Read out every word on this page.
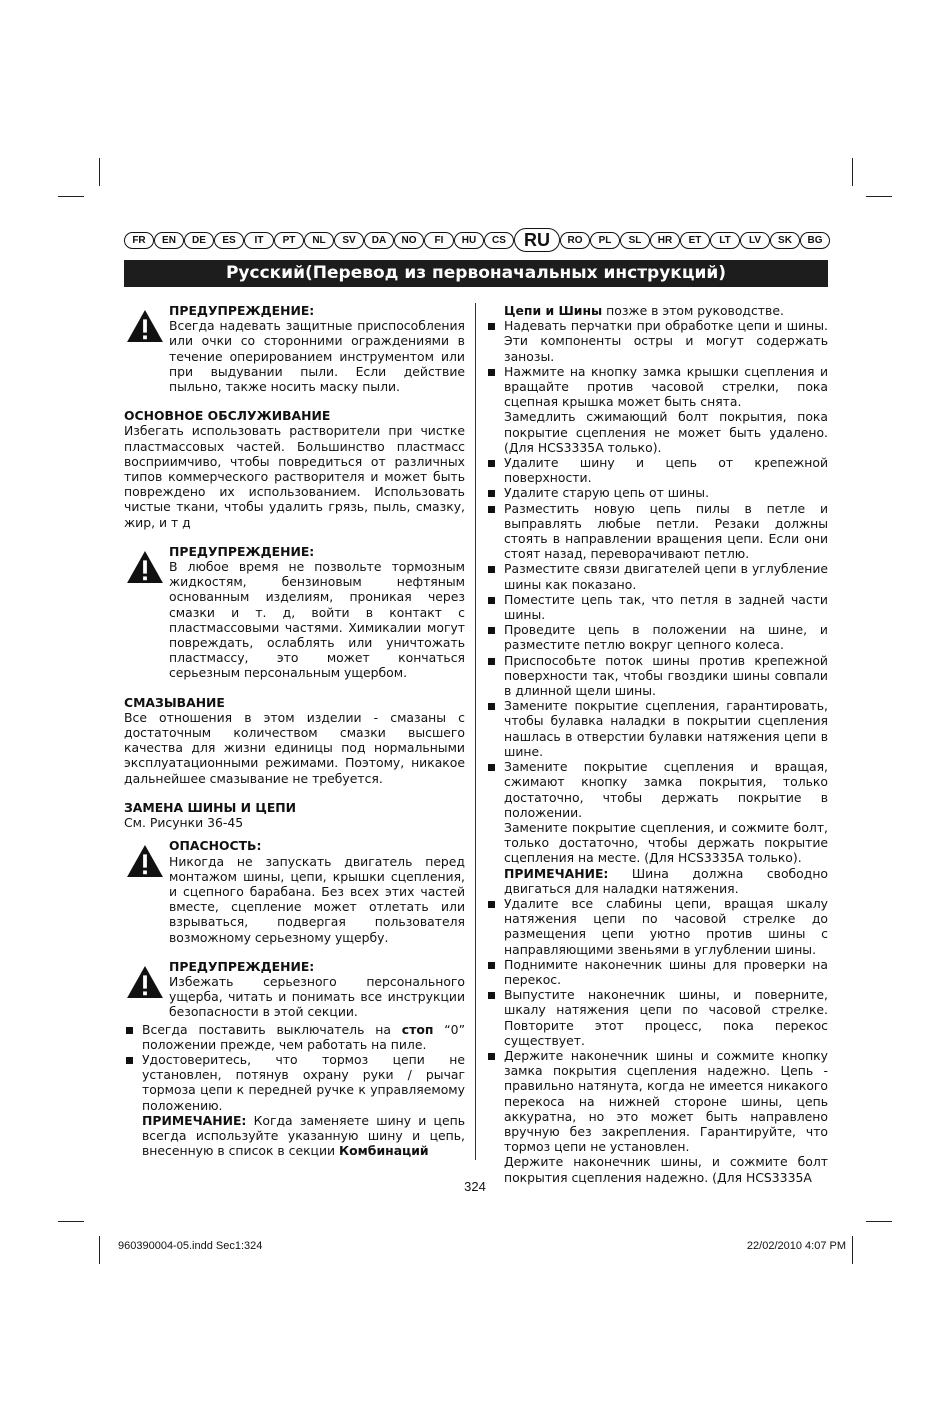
FR	EN	DE	ES	IT	PT	NL	SV	DA	NO	FI	HU	CS	RU	RO	PL	SL	HR	ET	LT	LV	SK	BG
Русский(Перевод из первоначальных инструкций)
ПРЕДУПРЕЖДЕНИЕ:

Всегда надевать защитные приспособления или очки со сторонними ограждениями в течение оперированием инструментом или при выдувании пыли. Если действие пыльно, также носить маску пыли.

ОСНОВНОЕ ОБСЛУЖИВАНИЕ

Избегать использовать растворители при чистке пластмассовых частей. Большинство пластмасс восприимчиво, чтобы повредиться от различных типов коммерческого растворителя и может быть повреждено их использованием. Использовать чистые ткани, чтобы удалить грязь, пыль, смазку, жир, и т д

ПРЕДУПРЕЖДЕНИЕ:

В любое время не позвольте тормозным жидкостям, бензиновым нефтяным основанным изделиям, проникая через смазки и т. д, войти в контакт с пластмассовыми частями. Химикалии могут повреждать, ослаблять или уничтожать пластмассу, это может кончаться серьезным персональным ущербом.

СМАЗЫВАНИЕ

Все отношения в этом изделии - смазаны с достаточным количеством смазки высшего качества для жизни единицы под нормальными эксплуатационными режимами. Поэтому, никакое дальнейшее смазывание не требуется.

ЗАМЕНА ШИНЫ И ЦЕПИ
См. Рисунки 36-45
ОПАСНОСТЬ:

Никогда не запускать двигатель перед монтажом шины, цепи, крышки сцепления, и сцепного барабана. Без всех этих частей вместе, сцепление может отлетать или взрываться, подвергая пользователя возможному серьезному ущербу.

ПРЕДУПРЕЖДЕНИЕ:

Избежать серьезного персонального ущерба, читать и понимать все инструкции безопасности в этой секции.

Всегда поставить выключатель на стоп “0” положении прежде, чем работать на пиле.
Удостоверитесь, что тормоз цепи не установлен, потянув охрану руки / рычаг тормоза цепи к передней ручке к управляемому положению.
ПРИМЕЧАНИЕ: Когда заменяете шину и цепь всегда используйте указанную шину и цепь, внесенную в список в секции Комбинаций
Цепи и Шины позже в этом руководстве.
Надевать перчатки при обработке цепи и шины. Эти компоненты остры и могут содержать занозы.
Нажмите на кнопку замка крышки сцепления и вращайте против часовой стрелки, пока сцепная крышка может быть снята.
Замедлить сжимающий болт покрытия, пока покрытие сцепления не может быть удалено. (Для HCS3335A только).
Удалите шину и цепь от крепежной поверхности.
Удалите старую цепь от шины.
Разместить новую цепь пилы в петле и выправлять любые петли. Резаки должны стоять в направлении вращения цепи. Если они стоят назад, переворачивают петлю.
Разместите связи двигателей цепи в углубление шины как показано.
Поместите цепь так, что петля в задней части шины.
Проведите цепь в положении на шине, и разместите петлю вокруг цепного колеса.
Приспособьте поток шины против крепежной поверхности так, чтобы гвоздики шины совпали в длинной щели шины.
Замените покрытие сцепления, гарантировать, чтобы булавка наладки в покрытии сцепления нашлась в отверстии булавки натяжения цепи в шине.
Замените покрытие сцепления и вращая, сжимают кнопку замка покрытия, только достаточно, чтобы держать покрытие в положении.
Замените покрытие сцепления, и сожмите болт, только достаточно, чтобы держать покрытие сцепления на месте. (Для HCS3335A только).
ПРИМЕЧАНИЕ: Шина должна свободно двигаться для наладки натяжения.
Удалите все слабины цепи, вращая шкалу натяжения цепи по часовой стрелке до размещения цепи уютно против шины с направляющими звеньями в углублении шины.
Поднимите наконечник шины для проверки на перекос.
Выпустите наконечник шины, и поверните, шкалу натяжения цепи по часовой стрелке. Повторите этот процесс, пока перекос существует.
Держите наконечник шины и сожмите кнопку замка покрытия сцепления надежно. Цепь - правильно натянута, когда не имеется никакого перекоса на нижней стороне шины, цепь аккуратна, но это может быть направлено вручную без закрепления. Гарантируйте, что тормоз цепи не установлен.
Держите наконечник шины, и сожмите болт покрытия сцепления надежно. (Для HCS3335A
324
960390004-05.indd Sec1:324	22/02/2010 4:07 PM
